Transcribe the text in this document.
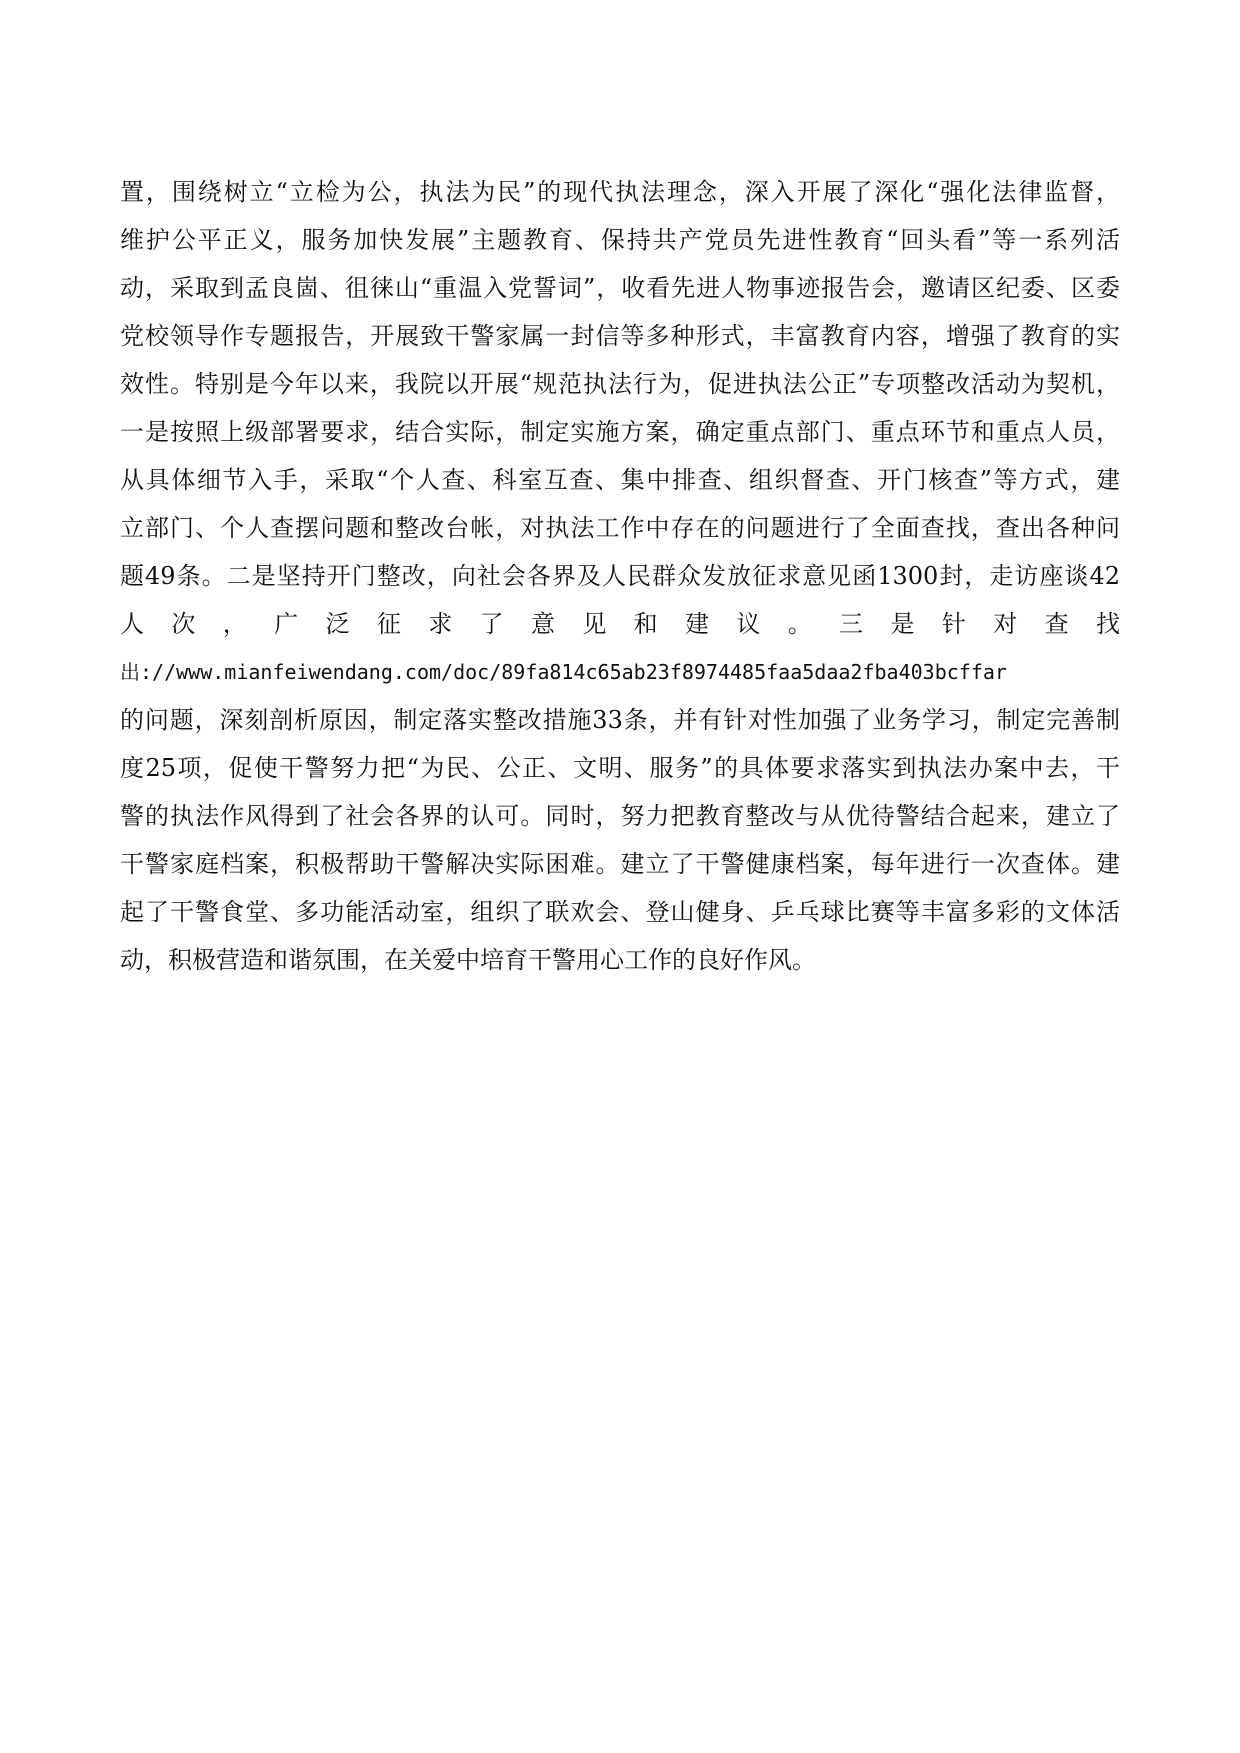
置，围绕树立“立检为公，执法为民”的现代执法理念，深入开展了深化“强化法律监督，
维护公平正义，服务加快发展”主题教育、保持共产党员先进性教育“回头看”等一系列活
动，采取到孟良崮、徂徕山“重温入党誓词”，收看先进人物事迹报告会，邀请区纪委、区委
党校领导作专题报告，开展致干警家属一封信等多种形式，丰富教育内容，增强了教育的实
效性。特别是今年以来，我院以开展“规范执法行为，促进执法公正”专项整改活动为契机，
一是按照上级部署要求，结合实际，制定实施方案，确定重点部门、重点环节和重点人员，
从具体细节入手，采取“个人查、科室互查、集中排查、组织督查、开门核查”等方式，建
立部门、个人查摆问题和整改台帐，对执法工作中存在的问题进行了全面查找，查出各种问
题49条。二是坚持开门整改，向社会各界及人民群众发放征求意见函1300封，走访座谈42
人 次 ， 广 泛 征 求 了 意 见 和 建 议 。 三 是 针 对 查 找
出://www.mianfeiwendang.com/doc/89fa814c65ab23f8974485faa5daa2fba403bcffar
的问题，深刻剖析原因，制定落实整改措施33条，并有针对性加强了业务学习，制定完善制
度25项，促使干警努力把“为民、公正、文明、服务”的具体要求落实到执法办案中去，干
警的执法作风得到了社会各界的认可。同时，努力把教育整改与从优待警结合起来，建立了
干警家庭档案，积极帮助干警解决实际困难。建立了干警健康档案，每年进行一次查体。建
起了干警食堂、多功能活动室，组织了联欢会、登山健身、乒乓球比赛等丰富多彩的文体活
动，积极营造和谐氛围，在关爱中培育干警用心工作的良好作风。
